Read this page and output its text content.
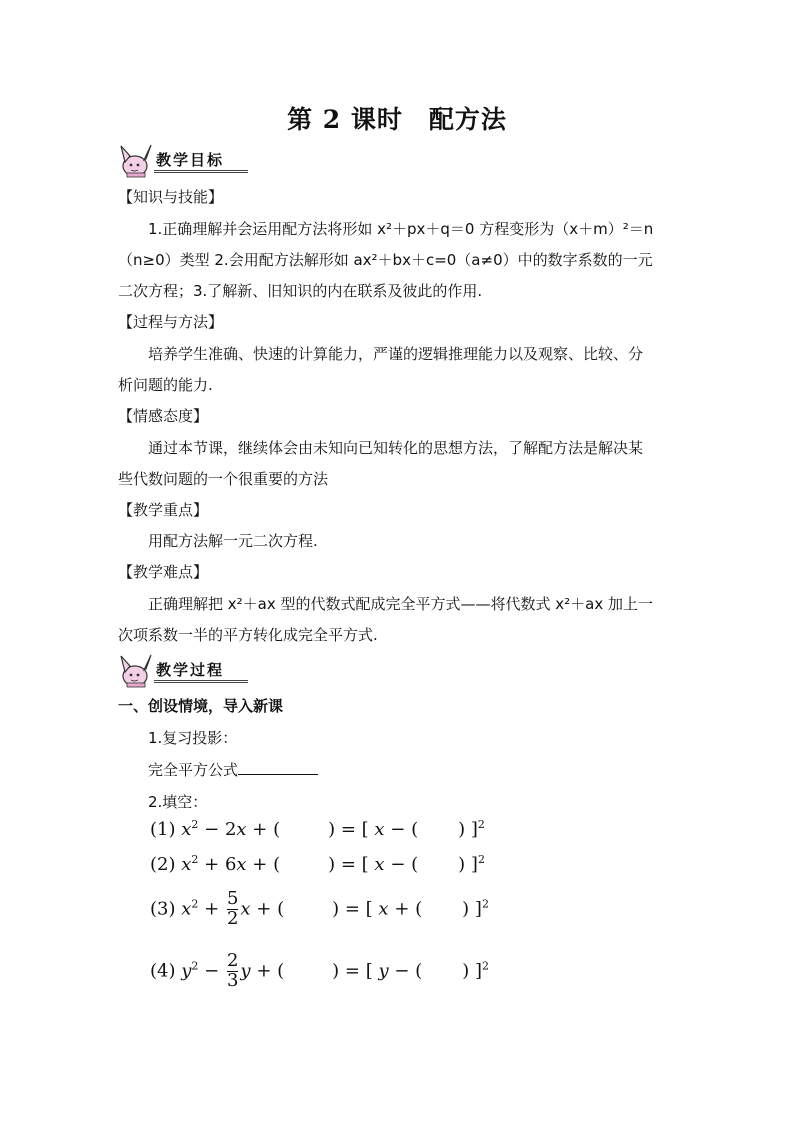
第 2 课时 配方法
教学目标
【知识与技能】
1.正确理解并会运用配方法将形如 x²＋px＋q＝0 方程变形为（x＋m）²＝n
（n≥0）类型 2.会用配方法解形如 ax²＋bx＋c=0（a≠0）中的数字系数的一元
二次方程；3.了解新、旧知识的内在联系及彼此的作用.
【过程与方法】
培养学生准确、快速的计算能力，严谨的逻辑推理能力以及观察、比较、分
析问题的能力.
【情感态度】
通过本节课，继续体会由未知向已知转化的思想方法，了解配方法是解决某
些代数问题的一个很重要的方法
【教学重点】
用配方法解一元二次方程.
【教学难点】
正确理解把 x²＋ax 型的代数式配成完全平方式——将代数式 x²＋ax 加上一
次项系数一半的平方转化成完全平方式.
教学过程
一、创设情境，导入新课
1.复习投影：
完全平方公式
2.填空：
(1) $x^2 - 2x$ + (	) = [ x − ( ) ]$^2$
(2) $x^2 + 6x$ + (	) = [ x − ( ) ]$^2$
(3) $x^2 + \frac{5}{2}$ x + (	) = [ x + ( ) ]$^2$
(4) $y^2 - \frac{2}{3}$ y + (	) = [ y − ( ) ]$^2$
